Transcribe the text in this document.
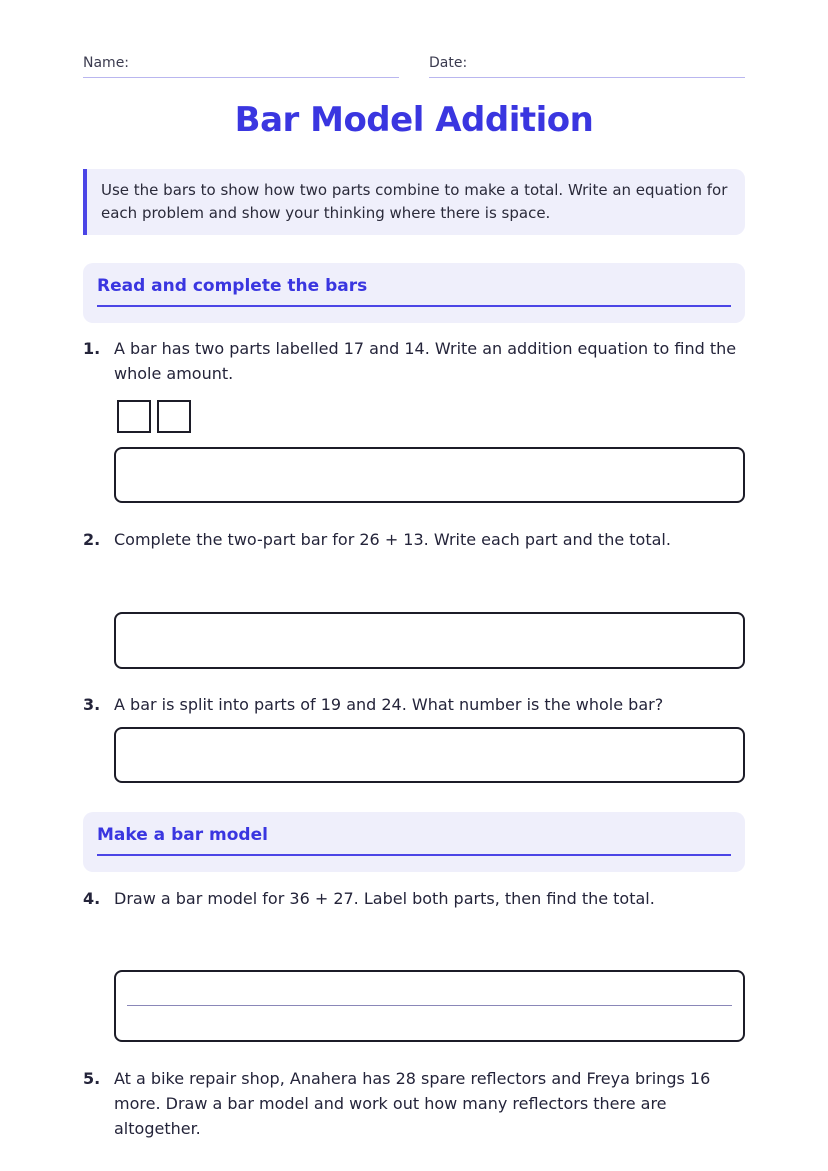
Name:	Date:
Bar Model Addition
Use the bars to show how two parts combine to make a total. Write an equation for each problem and show your thinking where there is space.
Read and complete the bars
1. A bar has two parts labelled 17 and 14. Write an addition equation to find the whole amount.
2. Complete the two-part bar for 26 + 13. Write each part and the total.
3. A bar is split into parts of 19 and 24. What number is the whole bar?
Make a bar model
4. Draw a bar model for 36 + 27. Label both parts, then find the total.
5. At a bike repair shop, Anahera has 28 spare reflectors and Freya brings 16 more. Draw a bar model and work out how many reflectors there are altogether.
